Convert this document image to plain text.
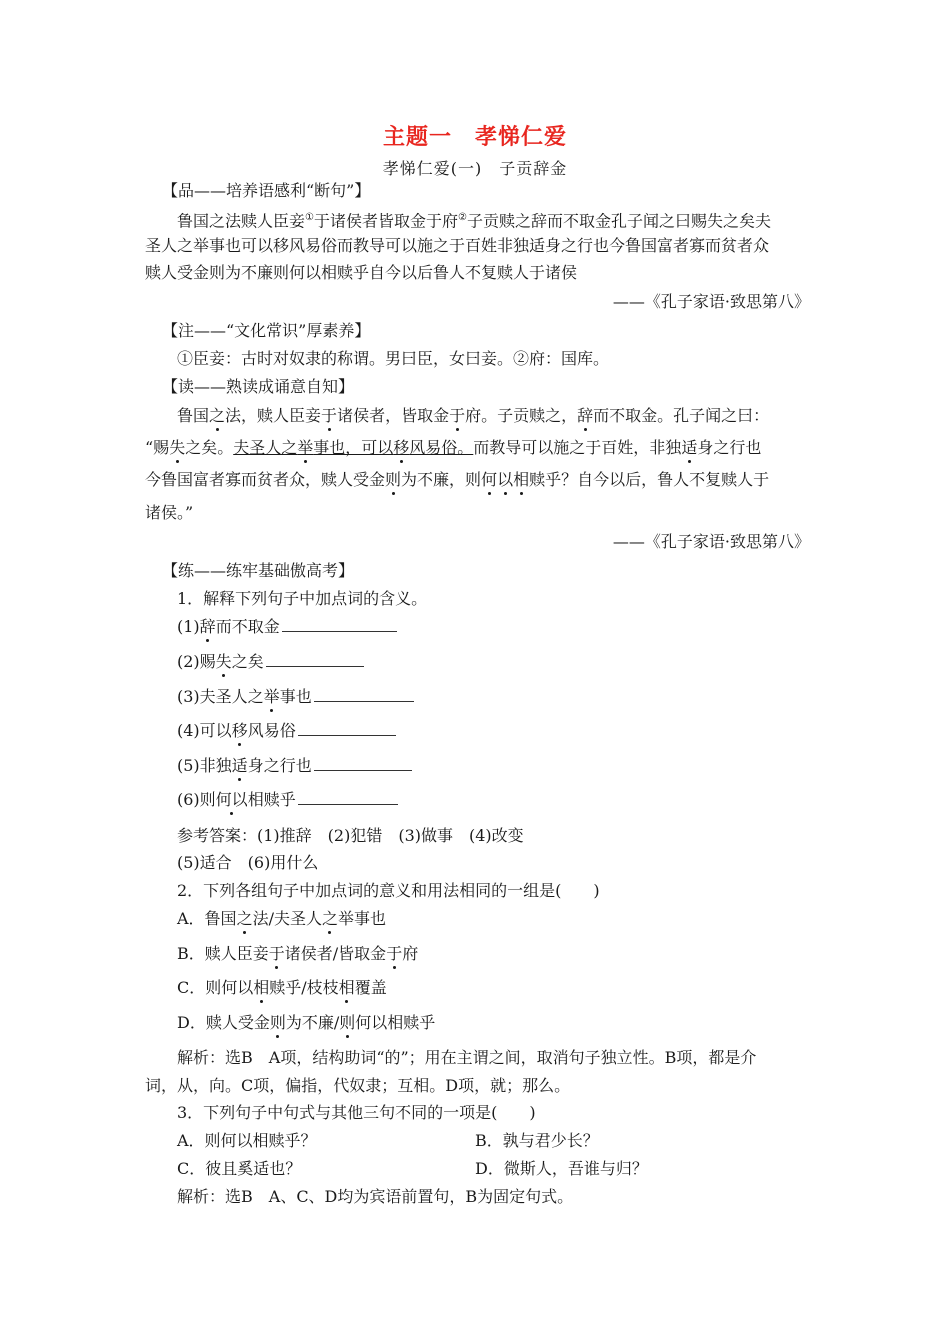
主题一　孝悌仁爱
孝悌仁爱(一)　子贡辞金
【品——培养语感利“断句”】
鲁国之法赎人臣妾①于诸侯者皆取金于府②子贡赎之辞而不取金孔子闻之曰赐失之矣夫
圣人之举事也可以移风易俗而教导可以施之于百姓非独适身之行也今鲁国富者寡而贫者众
赎人受金则为不廉则何以相赎乎自今以后鲁人不复赎人于诸侯
——《孔子家语·致思第八》
【注——“文化常识”厚素养】
①臣妾：古时对奴隶的称谓。男曰臣，女曰妾。②府：国库。
【读——熟读成诵意自知】
鲁国之法，赎人臣妾于诸侯者，皆取金于府。子贡赎之，辞而不取金。孔子闻之曰：
“赐失之矣。夫圣人之举事也，可以移风易俗。而教导可以施之于百姓，非独适身之行也
今鲁国富者寡而贫者众，赎人受金则为不廉，则何以相赎乎？自今以后，鲁人不复赎人于
诸侯。”
——《孔子家语·致思第八》
【练——练牢基础傲高考】
1．解释下列句子中加点词的含义。
(1)辞而不取金
(2)赐失之矣
(3)夫圣人之举事也
(4)可以移风易俗
(5)非独适身之行也
(6)则何以相赎乎
参考答案：(1)推辞　(2)犯错　(3)做事　(4)改变
(5)适合　(6)用什么
2．下列各组句子中加点词的意义和用法相同的一组是(　　)
A．鲁国之法/夫圣人之举事也
B．赎人臣妾于诸侯者/皆取金于府
C．则何以相赎乎/枝枝相覆盖
D．赎人受金则为不廉/则何以相赎乎
解析：选B　A项，结构助词“的”；用在主谓之间，取消句子独立性。B项，都是介
词，从，向。C项，偏指，代奴隶；互相。D项，就；那么。
3．下列句子中句式与其他三句不同的一项是(　　)
A．则何以相赎乎？	B．孰与君少长？
C．彼且奚适也？	D．微斯人，吾谁与归？
解析：选B　A、C、D均为宾语前置句，B为固定句式。
